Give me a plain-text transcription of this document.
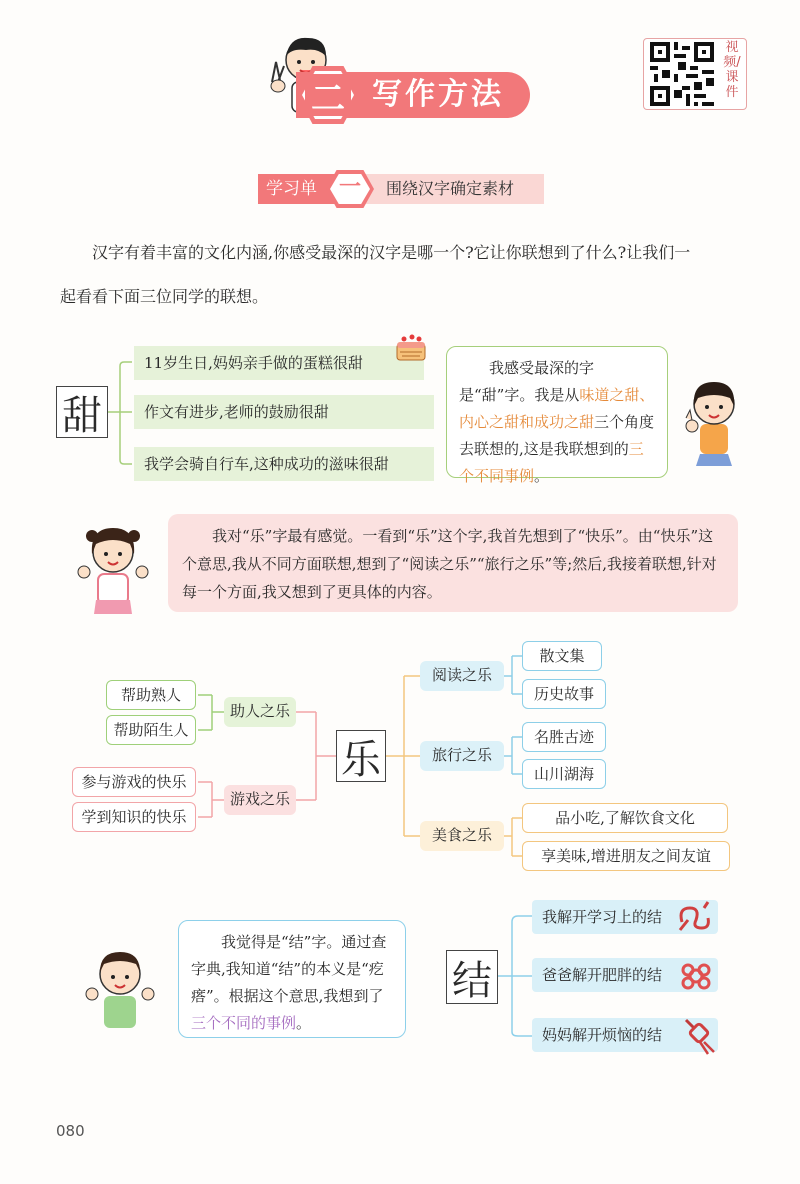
二 写作方法
视频/课件
学习单 一	围绕汉字确定素材
汉字有着丰富的文化内涵,你感受最深的汉字是哪一个?它让你联想到了什么?让我们一
起看看下面三位同学的联想。
甜
11岁生日,妈妈亲手做的蛋糕很甜
作文有进步,老师的鼓励很甜
我学会骑自行车,这种成功的滋味很甜
我感受最深的字是“甜”字。我是从味道之甜、内心之甜和成功之甜三个角度去联想的,这是我联想到的三个不同事例。
我对“乐”字最有感觉。一看到“乐”这个字,我首先想到了“快乐”。由“快乐”这个意思,我从不同方面联想,想到了“阅读之乐”“旅行之乐”等;然后,我接着联想,针对每一个方面,我又想到了更具体的内容。
帮助熟人
帮助陌生人
参与游戏的快乐
学到知识的快乐
助人之乐
游戏之乐
乐
阅读之乐
旅行之乐
美食之乐
散文集
历史故事
名胜古迹
山川湖海
品小吃,了解饮食文化
享美味,增进朋友之间友谊
我觉得是“结”字。通过查字典,我知道“结”的本义是“疙瘩”。根据这个意思,我想到了三个不同的事例。
结
我解开学习上的结
爸爸解开肥胖的结
妈妈解开烦恼的结
080
